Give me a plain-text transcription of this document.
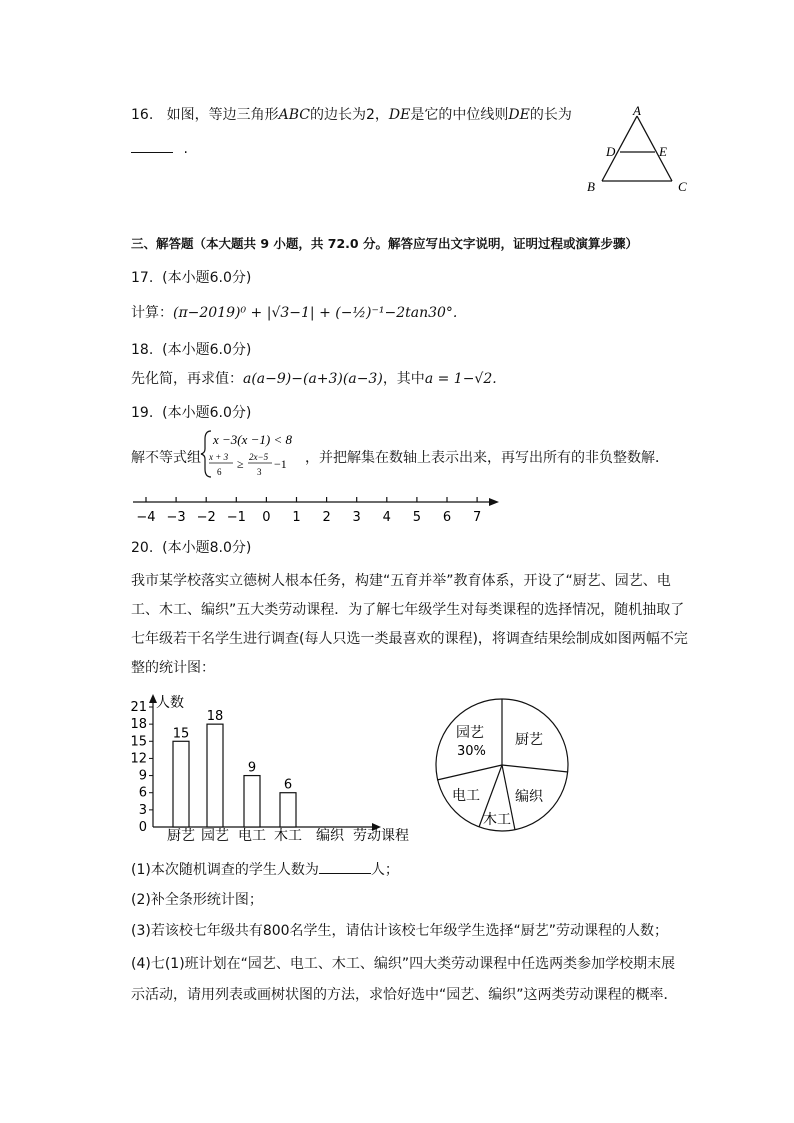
16. 如图，等边三角形ABC的边长为2，DE是它的中位线则DE的长为
.
A
D	E
B	C
三、解答题（本大题共 9 小题，共 72.0 分。解答应写出文字说明，证明过程或演算步骤）
17. (本小题6.0分)
计算：(π−2019)⁰ + |√3−1| + (−½)⁻¹−2tan30°.
18. (本小题6.0分)
先化简，再求值：a(a−9)−(a+3)(a−3)，其中a = 1−√2.
19. (本小题6.0分)
解不等式组
x −3(x −1) < 8
x + 3
6
≥ 2x−5
3
−1 ，并把解集在数轴上表示出来，再写出所有的非负整数解．
−4 −3 −2 −1 0 1 2 3 4 5 6 7
20. (本小题8.0分)
我市某学校落实立德树人根本任务，构建“五育并举”教育体系，开设了“厨艺、园艺、电
工、木工、编织”五大类劳动课程．为了解七年级学生对每类课程的选择情况，随机抽取了
七年级若干名学生进行调查(每人只选一类最喜欢的课程)，将调查结果绘制成如图两幅不完
整的统计图：
0
3
6
9
12
15
18
21
厨艺 园艺 电工 木工 编织
15
18
9
6
人数
劳动课程
园艺
30%
厨艺
编织
木工
电工
(1)本次随机调查的学生人数为	人；
(2)补全条形统计图；
(3)若该校七年级共有800名学生，请估计该校七年级学生选择“厨艺”劳动课程的人数；
(4)七(1)班计划在“园艺、电工、木工、编织”四大类劳动课程中任选两类参加学校期末展
示活动，请用列表或画树状图的方法，求恰好选中“园艺、编织”这两类劳动课程的概率．
